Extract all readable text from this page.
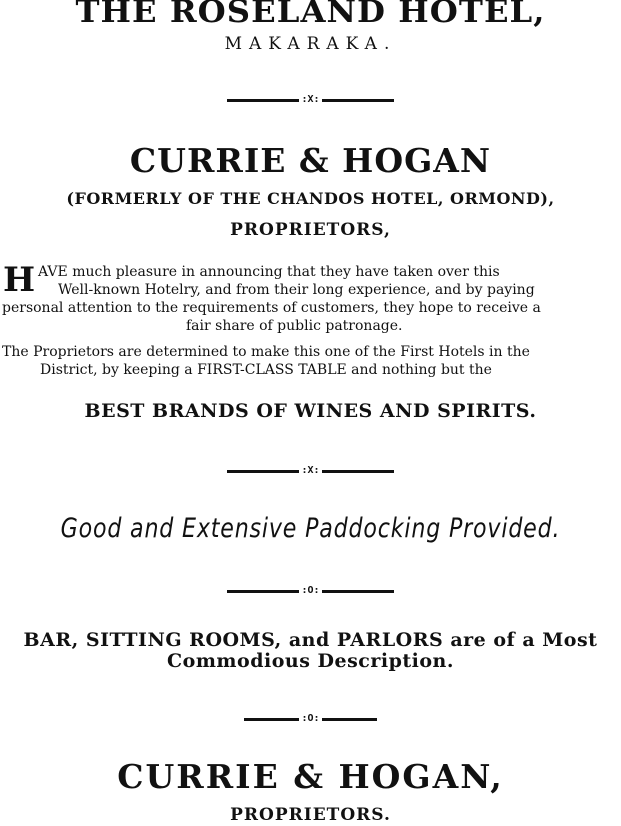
THE ROSELAND HOTEL,
MAKARAKA.
:X:
CURRIE & HOGAN
(FORMERLY OF THE CHANDOS HOTEL, ORMOND),
PROPRIETORS,
H AVE much pleasure in announcing that they have taken over this
Well-known Hotelry, and from their long experience, and by paying
personal attention to the requirements of customers, they hope to receive a
fair share of public patronage.
The Proprietors are determined to make this one of the First Hotels in the
District, by keeping a FIRST-CLASS TABLE and nothing but the
BEST BRANDS OF WINES AND SPIRITS.
:X:
Good and Extensive Paddocking Provided.
:O:
BAR, SITTING ROOMS, and PARLORS are of a Most
Commodious Description.
:O:
CURRIE & HOGAN,
PROPRIETORS.
